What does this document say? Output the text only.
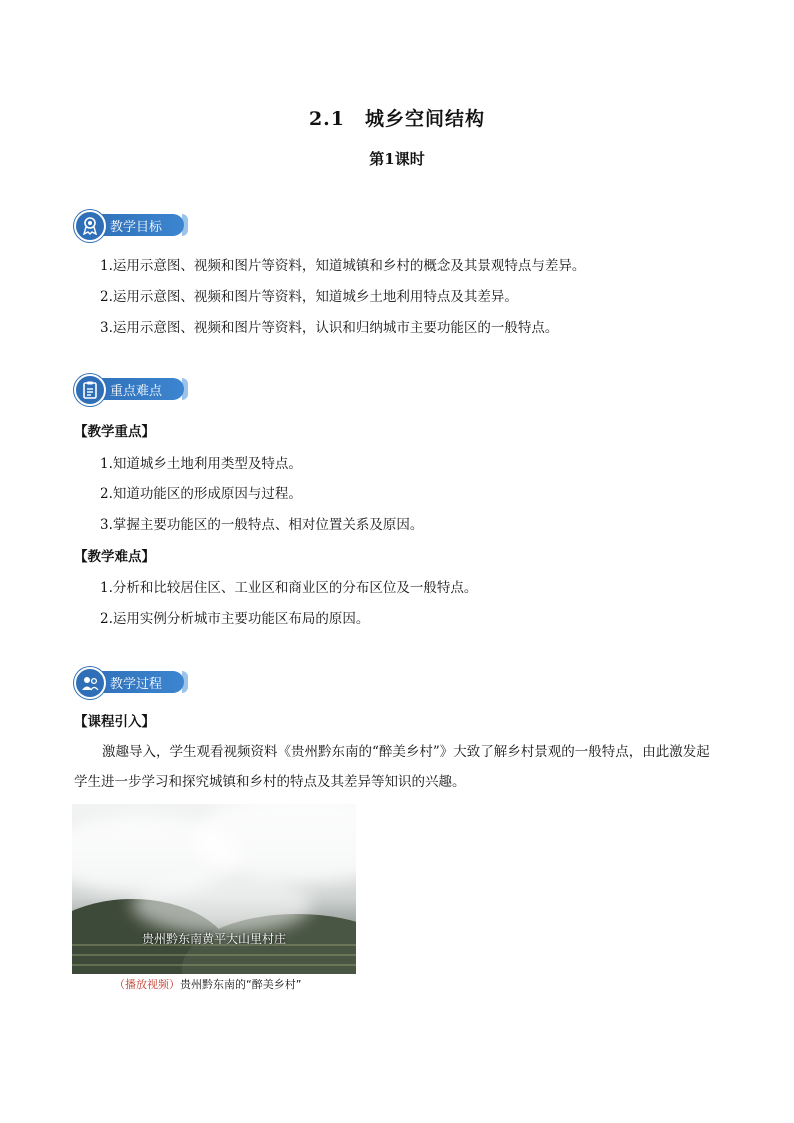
2.1 城乡空间结构
第1课时
教学目标
1.运用示意图、视频和图片等资料，知道城镇和乡村的概念及其景观特点与差异。
2.运用示意图、视频和图片等资料，知道城乡土地利用特点及其差异。
3.运用示意图、视频和图片等资料，认识和归纳城市主要功能区的一般特点。
重点难点
【教学重点】
1.知道城乡土地利用类型及特点。
2.知道功能区的形成原因与过程。
3.掌握主要功能区的一般特点、相对位置关系及原因。
【教学难点】
1.分析和比较居住区、工业区和商业区的分布区位及一般特点。
2.运用实例分析城市主要功能区布局的原因。
教学过程
【课程引入】
激趣导入，学生观看视频资料《贵州黔东南的“醉美乡村”》大致了解乡村景观的一般特点，由此激发起学生进一步学习和探究城镇和乡村的特点及其差异等知识的兴趣。
贵州黔东南黄平大山里村庄
（播放视频）贵州黔东南的“醉美乡村”
